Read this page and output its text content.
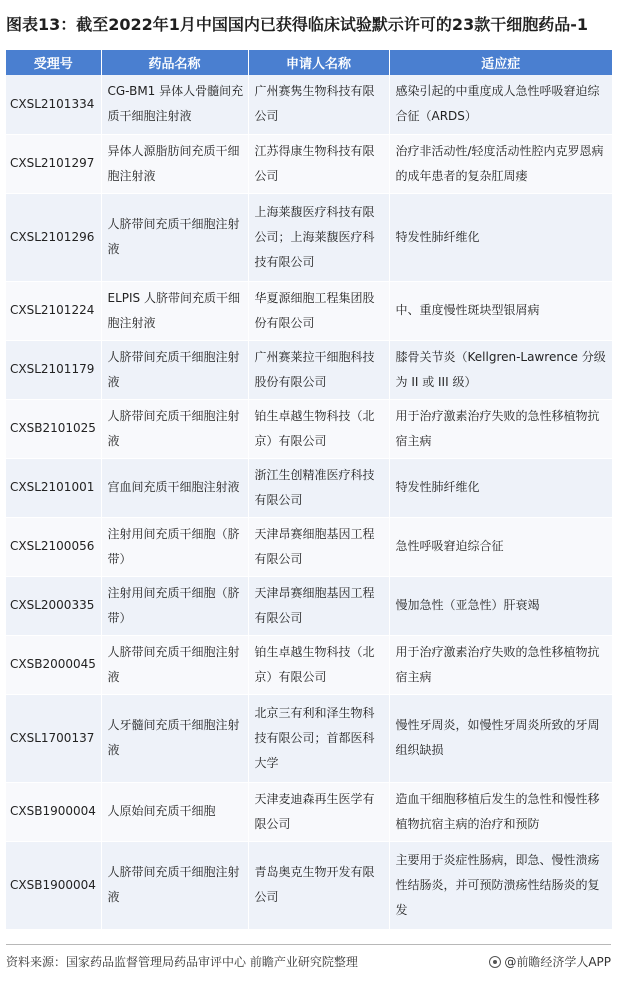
图表13：截至2022年1月中国国内已获得临床试验默示许可的23款干细胞药品-1
受理号	药品名称	申请人名称	适应症
CXSL2101334	CG-BM1 异体人骨髓间充质干细胞注射液	广州赛隽生物科技有限公司	感染引起的中重度成人急性呼吸窘迫综合征（ARDS）
CXSL2101297	异体人源脂肪间充质干细胞注射液	江苏得康生物科技有限公司	治疗非活动性/轻度活动性腔内克罗恩病的成年患者的复杂肛周瘘
CXSL2101296	人脐带间充质干细胞注射液	上海莱馥医疗科技有限公司；上海莱馥医疗科技有限公司	特发性肺纤维化
CXSL2101224	ELPIS 人脐带间充质干细胞注射液	华夏源细胞工程集团股份有限公司	中、重度慢性斑块型银屑病
CXSL2101179	人脐带间充质干细胞注射液	广州赛莱拉干细胞科技股份有限公司	膝骨关节炎（Kellgren-Lawrence 分级为 II 或 III 级）
CXSB2101025	人脐带间充质干细胞注射液	铂生卓越生物科技（北京）有限公司	用于治疗激素治疗失败的急性移植物抗宿主病
CXSL2101001	宫血间充质干细胞注射液	浙江生创精准医疗科技有限公司	特发性肺纤维化
CXSL2100056	注射用间充质干细胞（脐带）	天津昂赛细胞基因工程有限公司	急性呼吸窘迫综合征
CXSL2000335	注射用间充质干细胞（脐带）	天津昂赛细胞基因工程有限公司	慢加急性（亚急性）肝衰竭
CXSB2000045	人脐带间充质干细胞注射液	铂生卓越生物科技（北京）有限公司	用于治疗激素治疗失败的急性移植物抗宿主病
CXSL1700137	人牙髓间充质干细胞注射液	北京三有利和泽生物科技有限公司；首都医科大学	慢性牙周炎，如慢性牙周炎所致的牙周组织缺损
CXSB1900004	人原始间充质干细胞	天津麦迪森再生医学有限公司	造血干细胞移植后发生的急性和慢性移植物抗宿主病的治疗和预防
CXSB1900004	人脐带间充质干细胞注射液	青岛奥克生物开发有限公司	主要用于炎症性肠病，即急、慢性溃疡性结肠炎，并可预防溃疡性结肠炎的复发
资料来源：国家药品监督管理局药品审评中心 前瞻产业研究院整理	@前瞻经济学人APP
